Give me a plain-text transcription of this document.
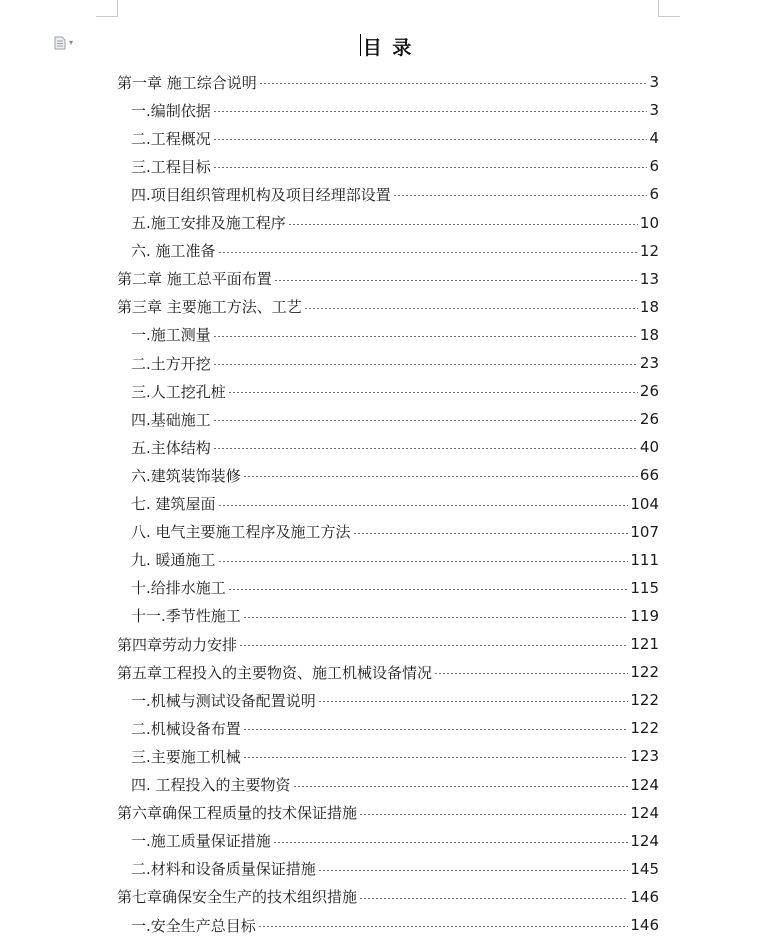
▾	目 录
第一章 施工综合说明	3
一.编制依据	3
二.工程概况	4
三.工程目标	6
四.项目组织管理机构及项目经理部设置	6
五.施工安排及施工程序	10
六. 施工准备	12
第二章 施工总平面布置	13
第三章 主要施工方法、工艺	18
一.施工测量	18
二.土方开挖	23
三.人工挖孔桩	26
四.基础施工	26
五.主体结构	40
六.建筑装饰装修	66
七. 建筑屋面	104
八. 电气主要施工程序及施工方法	107
九. 暖通施工	111
十.给排水施工	115
十一.季节性施工	119
第四章劳动力安排	121
第五章工程投入的主要物资、施工机械设备情况	122
一.机械与测试设备配置说明	122
二.机械设备布置	122
三.主要施工机械	123
四. 工程投入的主要物资	124
第六章确保工程质量的技术保证措施	124
一.施工质量保证措施	124
二.材料和设备质量保证措施	145
第七章确保安全生产的技术组织措施	146
一.安全生产总目标	146
